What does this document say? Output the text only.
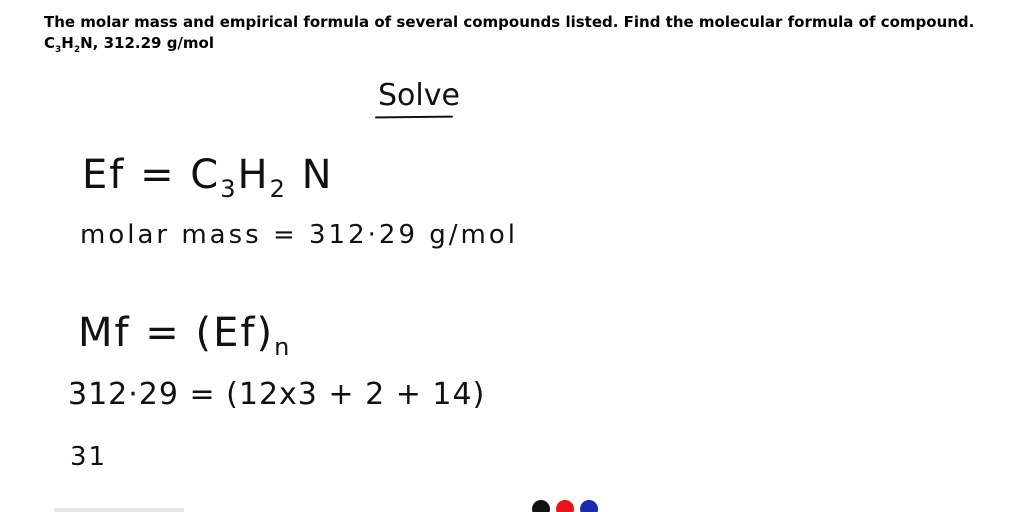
The molar mass and empirical formula of several compounds listed. Find the molecular formula of compound.
$C_3H_2N$, 312.29 g/mol
Solve
$Ef = C_3H_2$ N
molar mass = 312·29 g/mol
$Mf = (Ef)_n$
312·29 = (12x3 + 2 + 14)
31
